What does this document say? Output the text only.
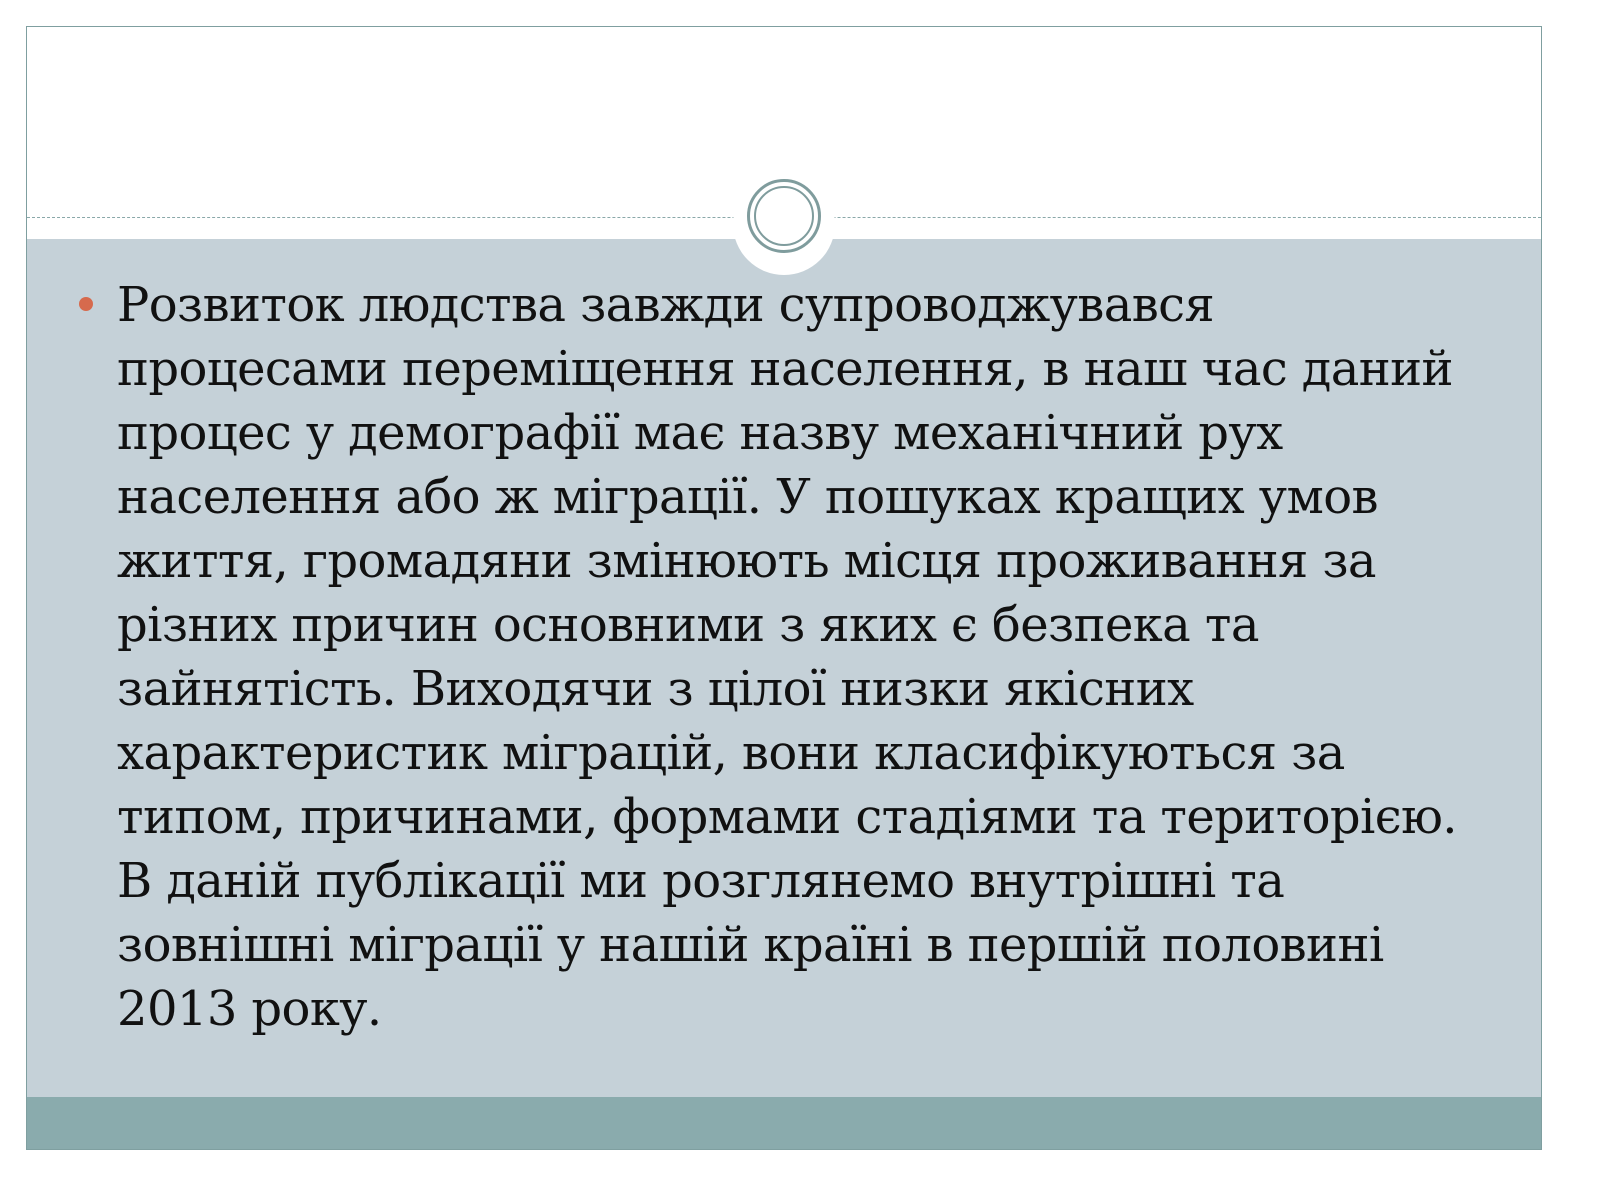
Розвиток людства завжди супроводжувався процесами переміщення населення, в наш час даний процес у демографії має назву механічний рух населення або ж міграції. У пошуках кращих умов життя, громадяни змінюють місця проживання за різних причин основними з яких є безпека та зайнятість. Виходячи з цілої низки якісних характеристик міграцій, вони класифікуються за типом, причинами, формами стадіями та територією. В даній публікації ми розглянемо внутрішні та зовнішні міграції у нашій країні в першій половині 2013 року.
